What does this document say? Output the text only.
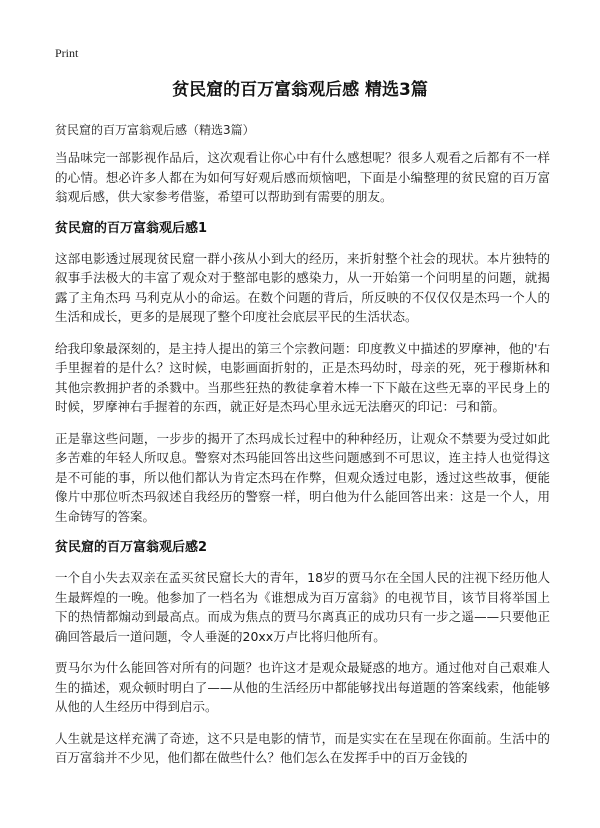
Print
贫民窟的百万富翁观后感 精选3篇

贫民窟的百万富翁观后感（精选3篇）

当品味完一部影视作品后，这次观看让你心中有什么感想呢？很多人观看之后都有不一样的心情。想必许多人都在为如何写好观后感而烦恼吧，下面是小编整理的贫民窟的百万富翁观后感，供大家参考借鉴，希望可以帮助到有需要的朋友。

贫民窟的百万富翁观后感1

这部电影透过展现贫民窟一群小孩从小到大的经历，来折射整个社会的现状。本片独特的叙事手法极大的丰富了观众对于整部电影的感染力，从一开始第一个问明星的问题，就揭露了主角杰玛 马利克从小的命运。在数个问题的背后，所反映的不仅仅仅是杰玛一个人的生活和成长，更多的是展现了整个印度社会底层平民的生活状态。

给我印象最深刻的，是主持人提出的第三个宗教问题：印度教义中描述的罗摩神，他的'右手里握着的是什么？这时候，电影画面折射的，正是杰玛幼时，母亲的死，死于穆斯林和其他宗教拥护者的杀戮中。当那些狂热的教徒拿着木棒一下下敲在这些无辜的平民身上的时候，罗摩神右手握着的东西，就正好是杰玛心里永远无法磨灭的印记：弓和箭。

正是靠这些问题，一步步的揭开了杰玛成长过程中的种种经历，让观众不禁要为受过如此多苦难的年轻人所叹息。警察对杰玛能回答出这些问题感到不可思议，连主持人也觉得这是不可能的事，所以他们都认为肯定杰玛在作弊，但观众透过电影，透过这些故事，便能像片中那位听杰玛叙述自我经历的警察一样，明白他为什么能回答出来：这是一个人，用生命铸写的答案。

贫民窟的百万富翁观后感2

一个自小失去双亲在孟买贫民窟长大的青年，18岁的贾马尔在全国人民的注视下经历他人生最辉煌的一晚。他参加了一档名为《谁想成为百万富翁》的电视节目，该节目将举国上下的热情都煽动到最高点。而成为焦点的贾马尔离真正的成功只有一步之遥——只要他正确回答最后一道问题，令人垂涎的20xx万卢比将归他所有。

贾马尔为什么能回答对所有的问题？也许这才是观众最疑惑的地方。通过他对自己艰难人生的描述，观众顿时明白了——从他的生活经历中都能够找出每道题的答案线索，他能够从他的人生经历中得到启示。

人生就是这样充满了奇迹，这不只是电影的情节，而是实实在在呈现在你面前。生活中的百万富翁并不少见，他们都在做些什么？他们怎么在发挥手中的百万金钱的
